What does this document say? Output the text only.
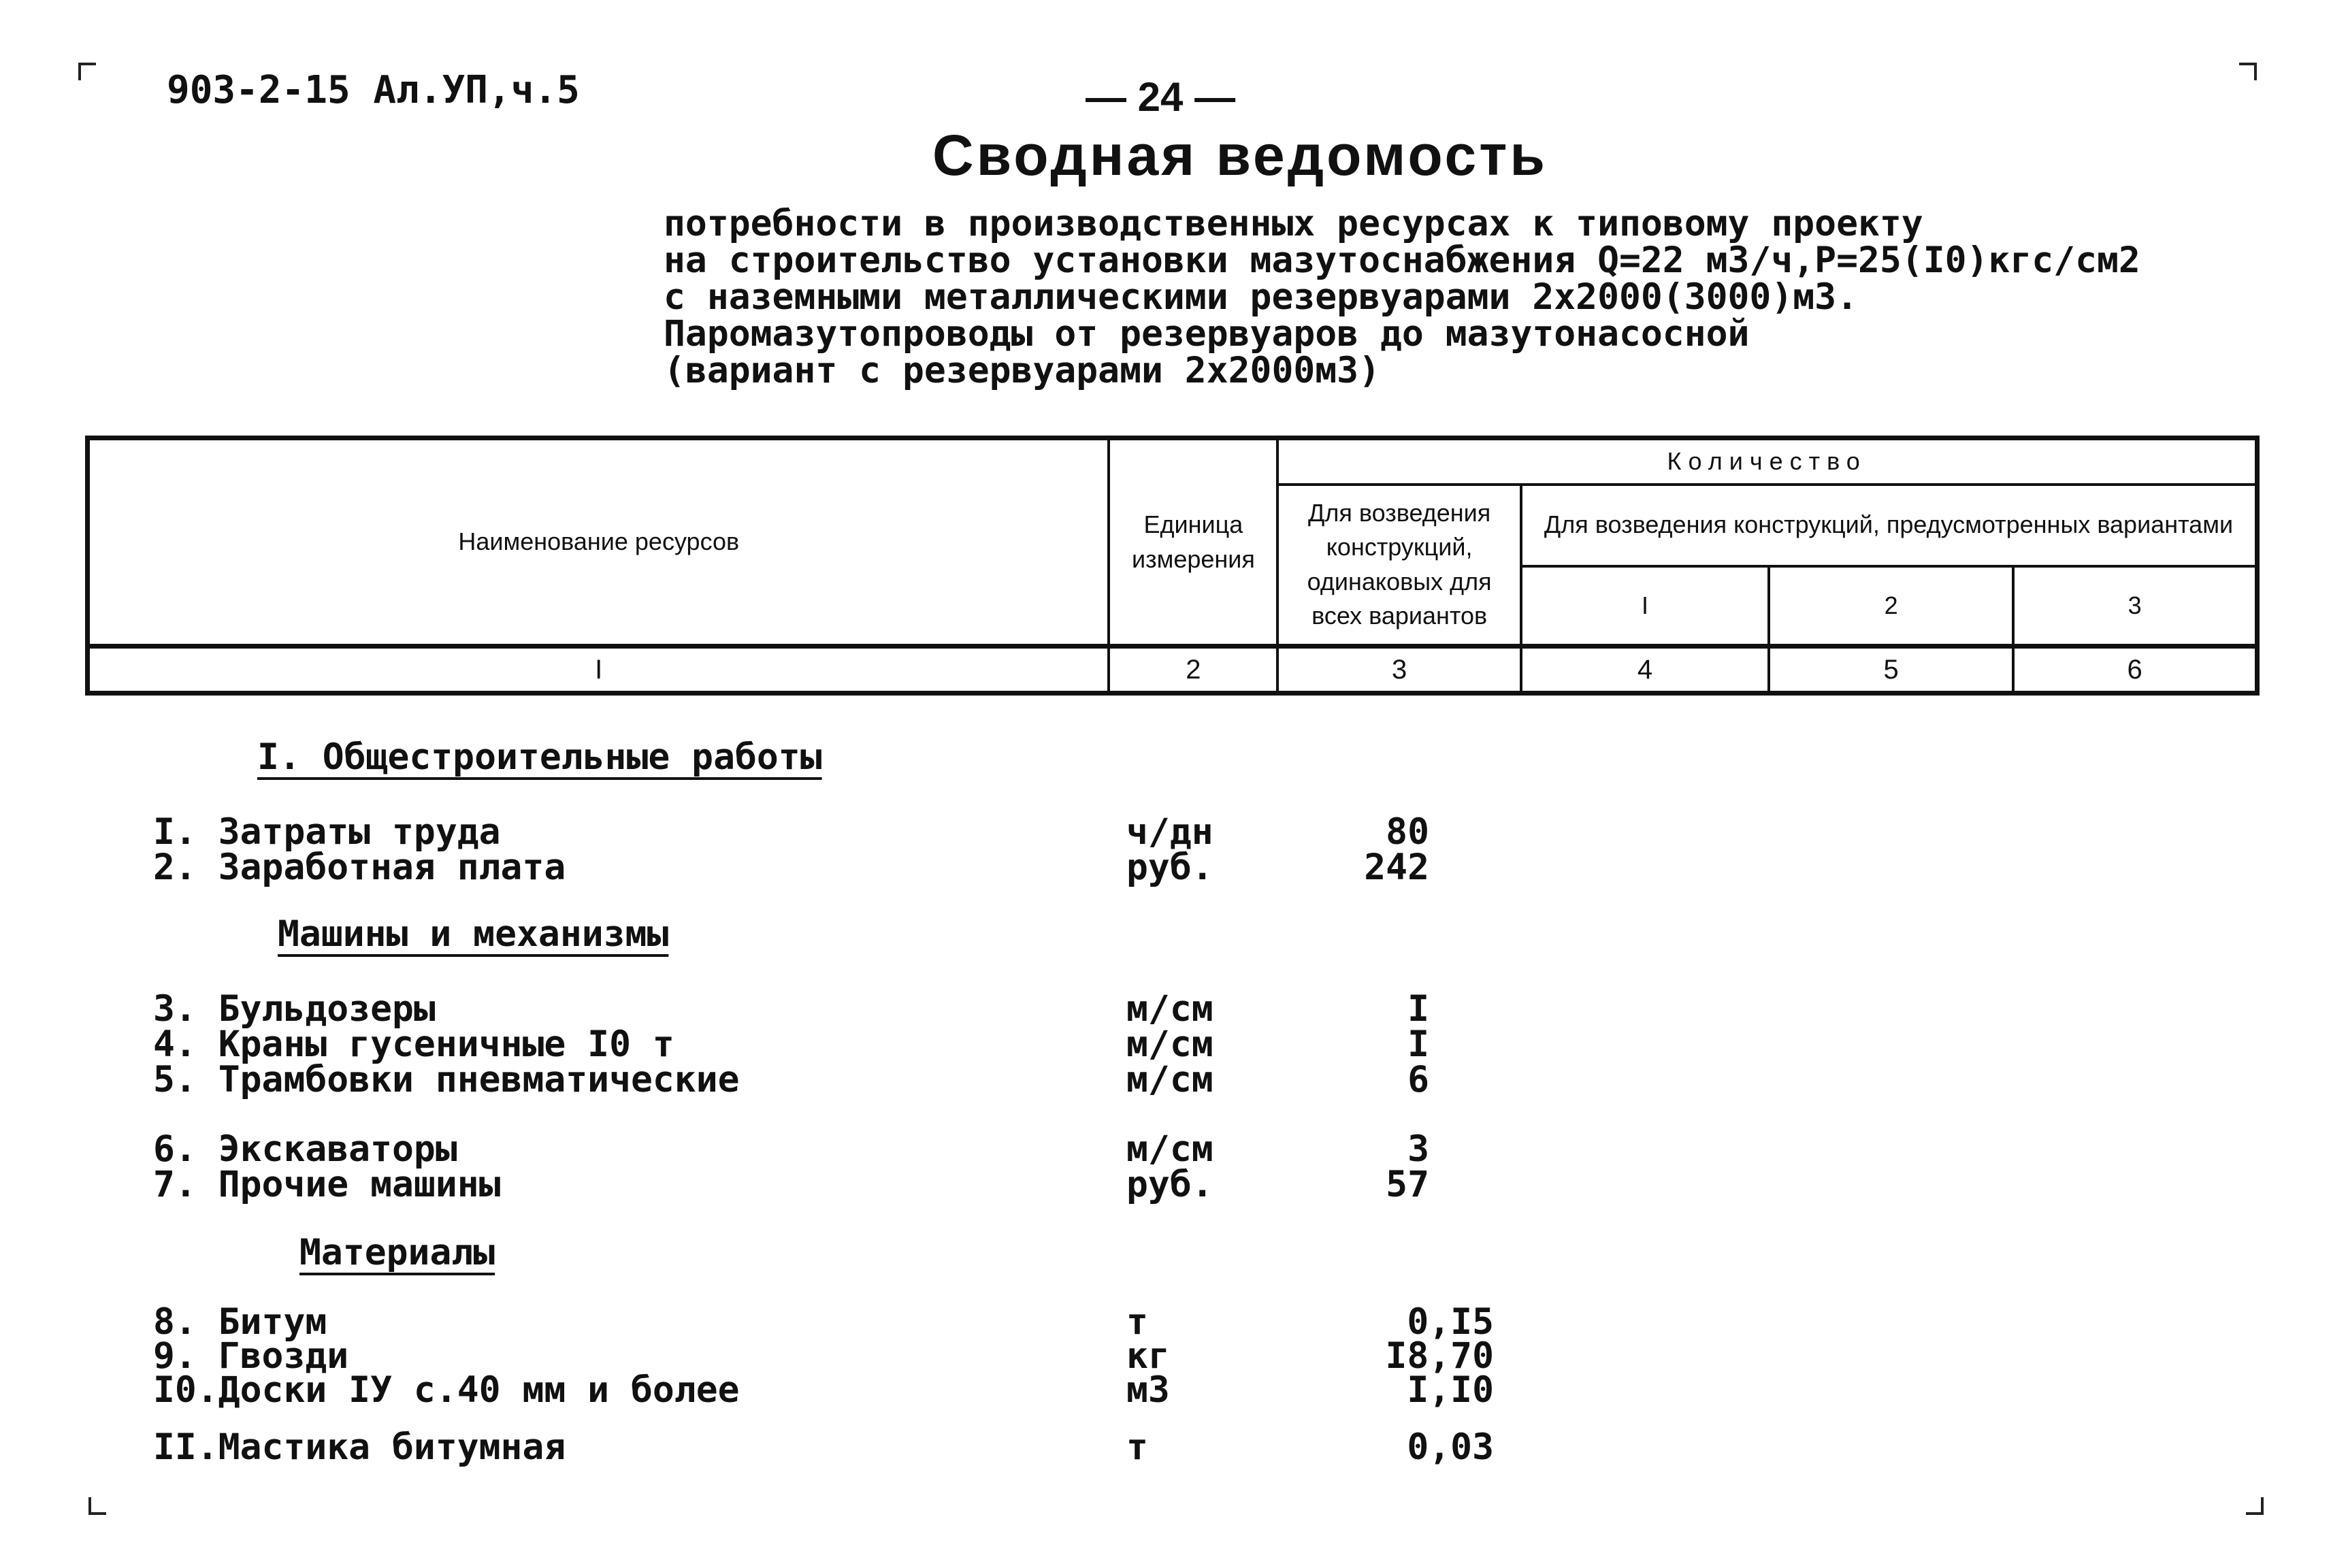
903-2-15 Ал.УП,ч.5	— 24 —
Сводная ведомость
потребности в производственных ресурсах к типовому проекту
на строительство установки мазутоснабжения Q=22 м3/ч,Р=25(I0)кгс/см2
с наземными металлическими резервуарами 2х2000(3000)м3.
Паромазутопроводы от резервуаров до мазутонасосной
(вариант с резервуарами 2х2000м3)
Наименование ресурсов	Единица измерения	Количество			
		Для возведения конструкций, одинаковых для всех вариантов	Для возведения конструкций, предусмотренных вариантами		
			I	2	3
I	2	3	4	5	6
I. Общестроительные работы
I. Затраты труда	ч/дн	80
2. Заработная плата	руб.	242
Машины и механизмы
3. Бульдозеры	м/см	I
4. Краны гусеничные I0 т	м/см	I
5. Трамбовки пневматические	м/см	6
6. Экскаваторы	м/см	3
7. Прочие машины	руб.	57
Материалы
8. Битум	т	0,I5
9. Гвозди	кг	I8,70
I0.Доски IУ с.40 мм и более	м3	I,I0
II.Мастика битумная	т	0,03
